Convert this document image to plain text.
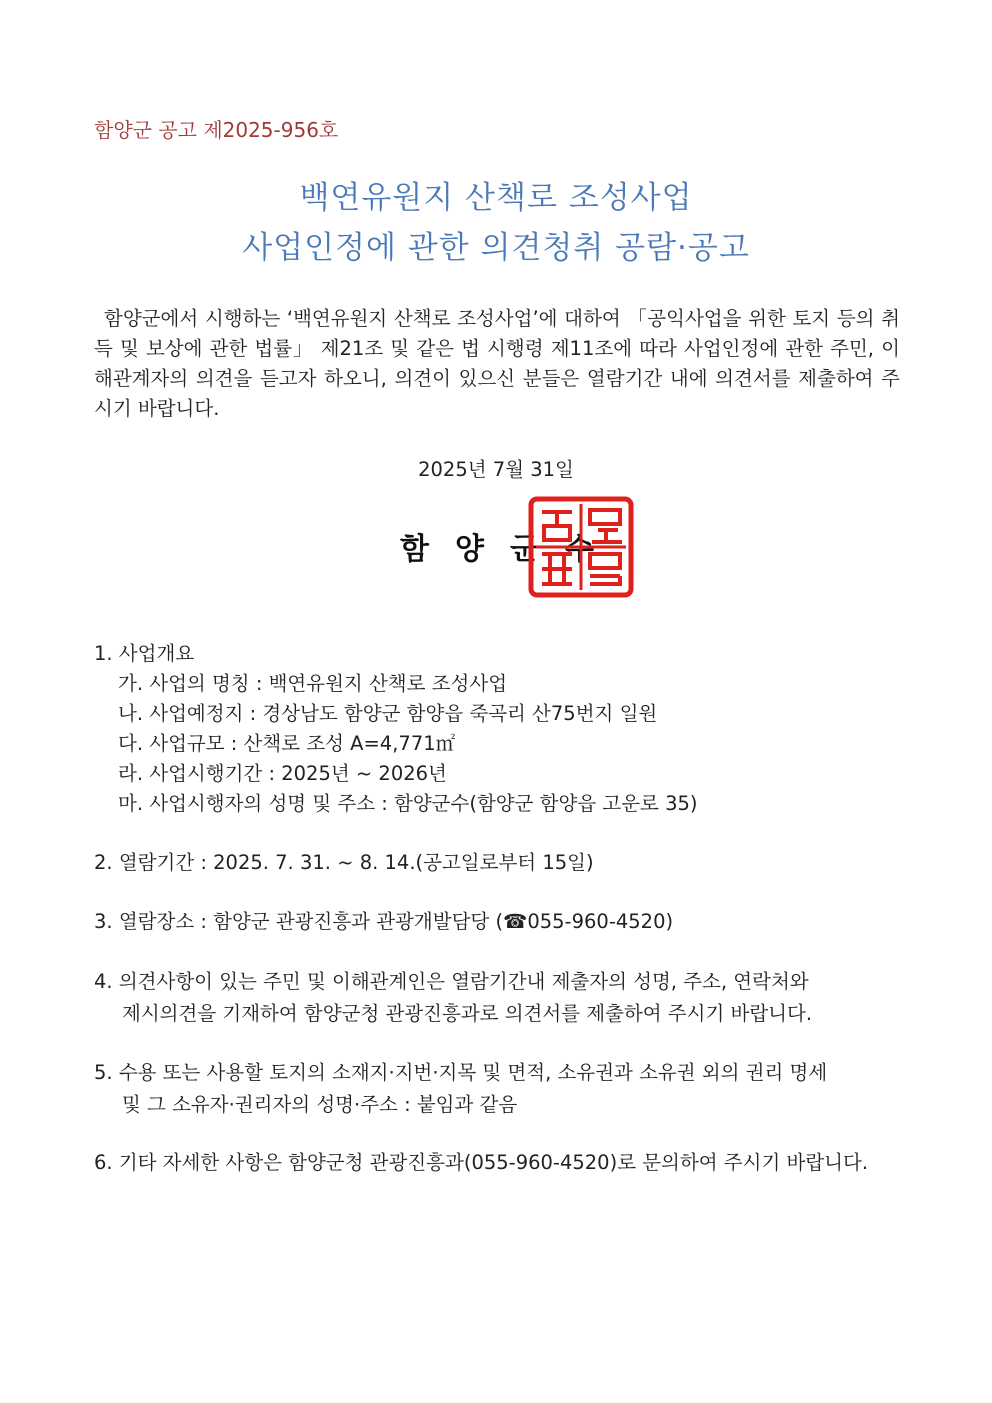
함양군 공고 제2025-956호
백연유원지 산책로 조성사업
사업인정에 관한 의견청취 공람·공고
함양군에서 시행하는 ‘백연유원지 산책로 조성사업’에 대하여 「공익사업을 위한 토지 등의 취득 및 보상에 관한 법률」 제21조 및 같은 법 시행령 제11조에 따라 사업인정에 관한 주민, 이해관계자의 의견을 듣고자 하오니, 의견이 있으신 분들은 열람기간 내에 의견서를 제출하여 주시기 바랍니다.
2025년 7월 31일
함양군수
1. 사업개요
가. 사업의 명칭 : 백연유원지 산책로 조성사업
나. 사업예정지 : 경상남도 함양군 함양읍 죽곡리 산75번지 일원
다. 사업규모 : 산책로 조성 A=4,771㎡
라. 사업시행기간 : 2025년 ~ 2026년
마. 사업시행자의 성명 및 주소 : 함양군수(함양군 함양읍 고운로 35)
2. 열람기간 : 2025. 7. 31. ~ 8. 14.(공고일로부터 15일)
3. 열람장소 : 함양군 관광진흥과 관광개발담당 (☎055-960-4520)
4. 의견사항이 있는 주민 및 이해관계인은 열람기간내 제출자의 성명, 주소, 연락처와
제시의견을 기재하여 함양군청 관광진흥과로 의견서를 제출하여 주시기 바랍니다.
5. 수용 또는 사용할 토지의 소재지·지번·지목 및 면적, 소유권과 소유권 외의 권리 명세
및 그 소유자·권리자의 성명·주소 : 붙임과 같음
6. 기타 자세한 사항은 함양군청 관광진흥과(055-960-4520)로 문의하여 주시기 바랍니다.
